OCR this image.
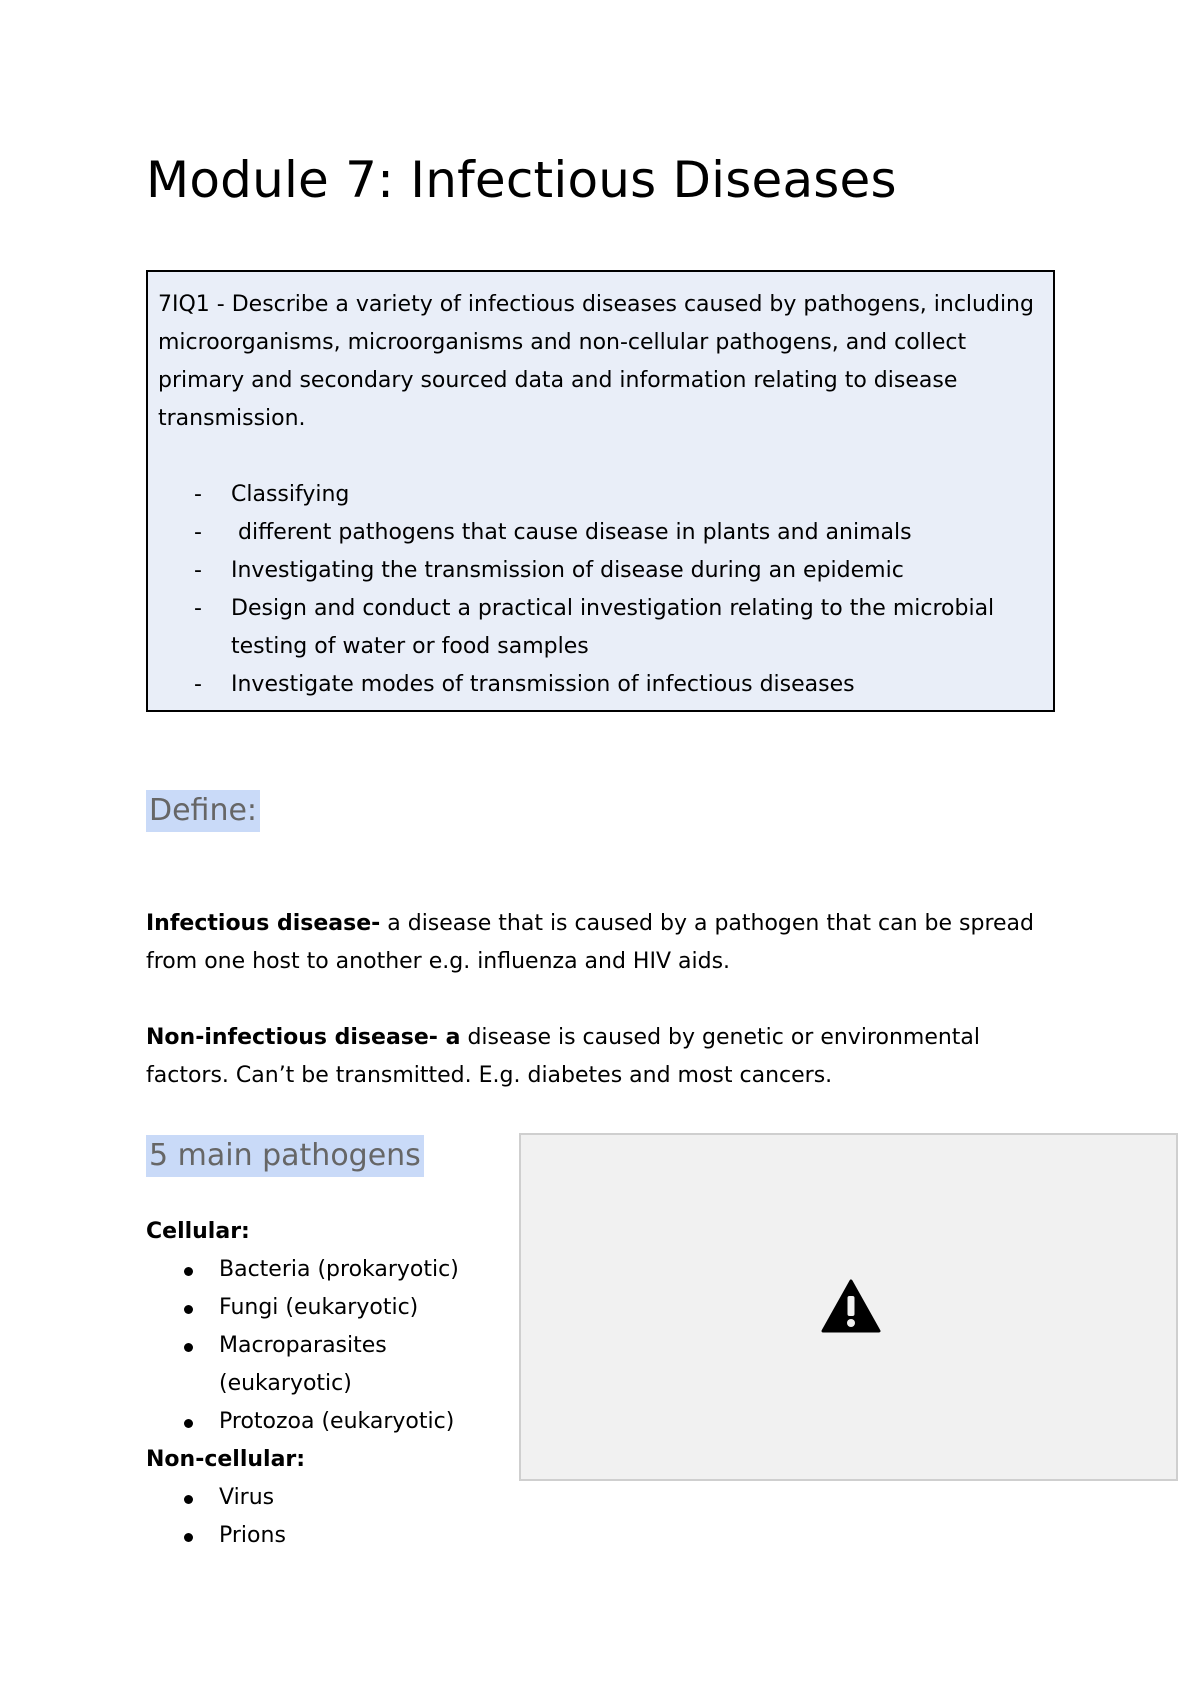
Module 7: Infectious Diseases

7IQ1 - Describe a variety of infectious diseases caused by pathogens, including microorganisms, microorganisms and non-cellular pathogens, and collect primary and secondary sourced data and information relating to disease transmission.

- Classifying
- different pathogens that cause disease in plants and animals
- Investigating the transmission of disease during an epidemic
- Design and conduct a practical investigation relating to the microbial testing of water or food samples
- Investigate modes of transmission of infectious diseases
Define:

Infectious disease- a disease that is caused by a pathogen that can be spread from one host to another e.g. influenza and HIV aids.

Non-infectious disease- a disease is caused by genetic or environmental factors. Can’t be transmitted. E.g. diabetes and most cancers.

5 main pathogens

Cellular:

Bacteria (prokaryotic)
Fungi (eukaryotic)
Macroparasites (eukaryotic)
Protozoa (eukaryotic)

Non-cellular:

Virus
Prions
